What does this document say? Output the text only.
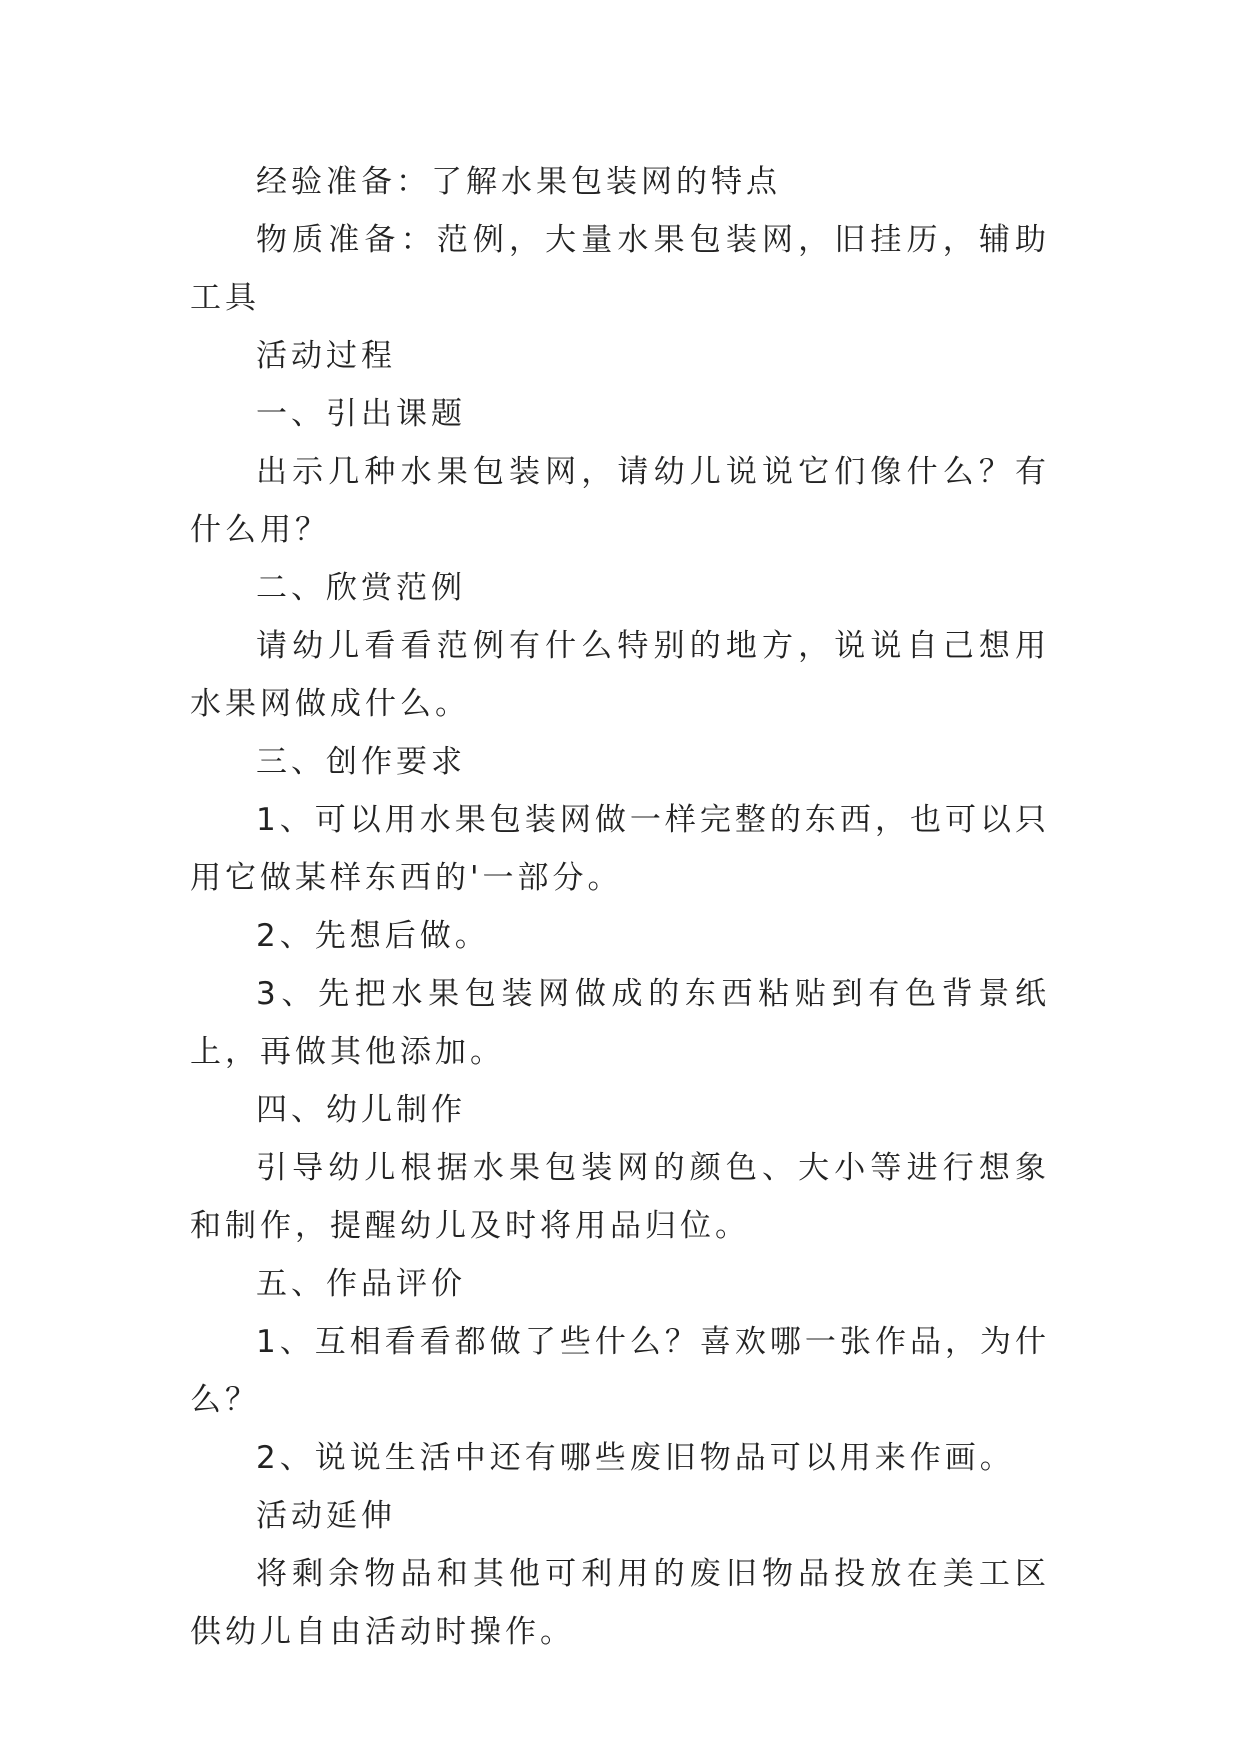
经验准备：了解水果包装网的特点

物质准备：范例，大量水果包装网，旧挂历，辅助工具

活动过程

一、引出课题

出示几种水果包装网，请幼儿说说它们像什么？有什么用？

二、欣赏范例

请幼儿看看范例有什么特别的地方，说说自己想用水果网做成什么。

三、创作要求

1、可以用水果包装网做一样完整的东西，也可以只用它做某样东西的'一部分。

2、先想后做。

3、先把水果包装网做成的东西粘贴到有色背景纸上，再做其他添加。

四、幼儿制作

引导幼儿根据水果包装网的颜色、大小等进行想象和制作，提醒幼儿及时将用品归位。

五、作品评价

1、互相看看都做了些什么？喜欢哪一张作品，为什么？

2、说说生活中还有哪些废旧物品可以用来作画。

活动延伸

将剩余物品和其他可利用的废旧物品投放在美工区供幼儿自由活动时操作。
